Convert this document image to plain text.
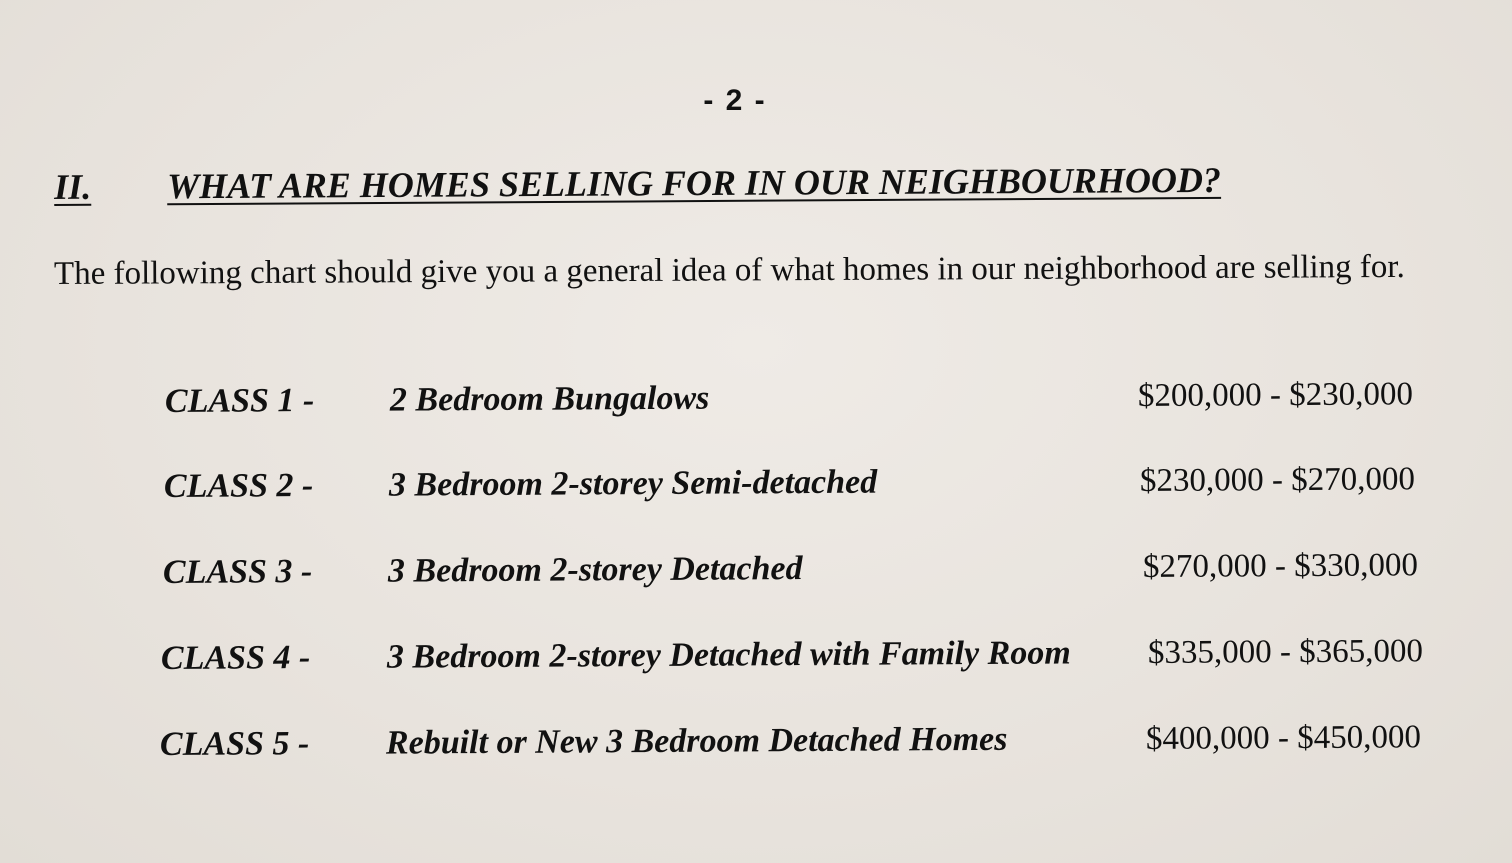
- 2 -
II. WHAT ARE HOMES SELLING FOR IN OUR NEIGHBOURHOOD?
The following chart should give you a general idea of what homes in our neighborhood are selling for.
CLASS 1 - 2 Bedroom Bungalows	$200,000 - $230,000
CLASS 2 - 3 Bedroom 2-storey Semi-detached	$230,000 - $270,000
CLASS 3 - 3 Bedroom 2-storey Detached	$270,000 - $330,000
CLASS 4 - 3 Bedroom 2-storey Detached with Family Room $335,000 - $365,000
CLASS 5 - Rebuilt or New 3 Bedroom Detached Homes	$400,000 - $450,000
